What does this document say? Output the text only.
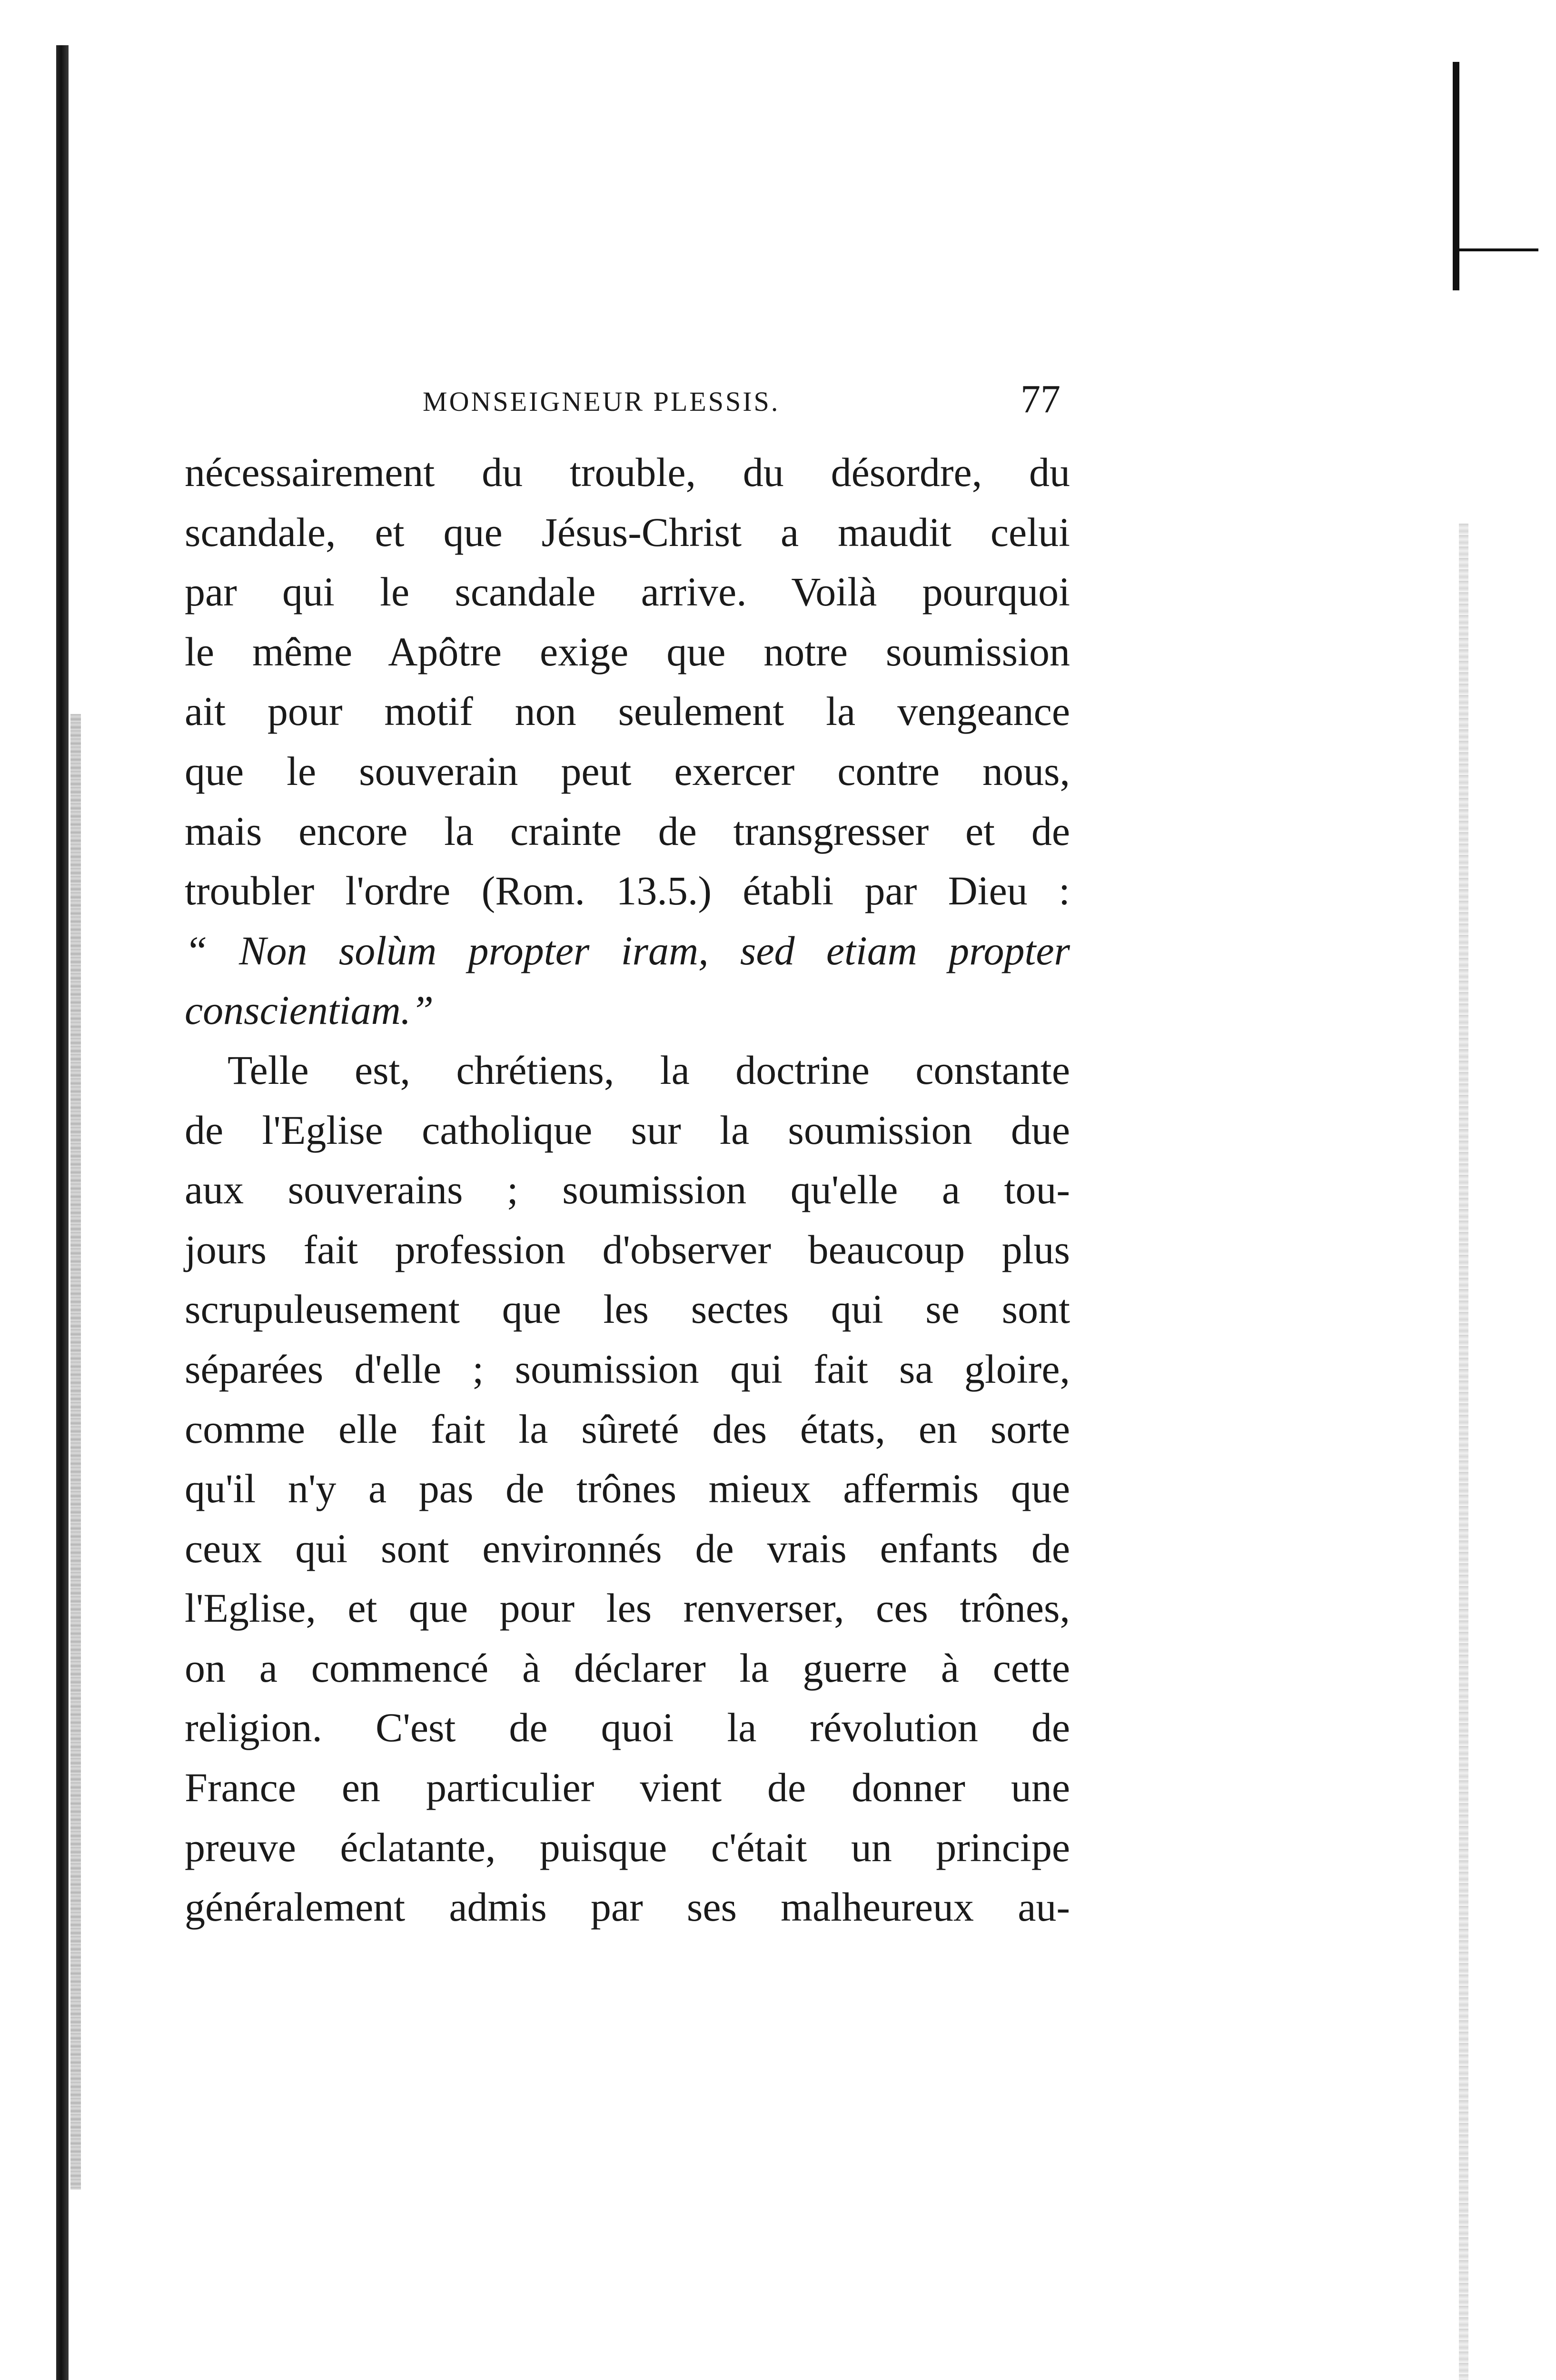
MONSEIGNEUR PLESSIS.	77
nécessairement du trouble, du désordre, du
scandale, et que Jésus-Christ a maudit celui
par qui le scandale arrive. Voilà pourquoi
le même Apôtre exige que notre soumission
ait pour motif non seulement la vengeance
que le souverain peut exercer contre nous,
mais encore la crainte de transgresser et de
troubler l'ordre (Rom. 13.5.) établi par Dieu :
“ Non solùm propter iram, sed etiam propter
conscientiam.”
Telle est, chrétiens, la doctrine constante
de l'Eglise catholique sur la soumission due
aux souverains ; soumission qu'elle a tou-
jours fait profession d'observer beaucoup plus
scrupuleusement que les sectes qui se sont
séparées d'elle ; soumission qui fait sa gloire,
comme elle fait la sûreté des états, en sorte
qu'il n'y a pas de trônes mieux affermis que
ceux qui sont environnés de vrais enfants de
l'Eglise, et que pour les renverser, ces trônes,
on a commencé à déclarer la guerre à cette
religion. C'est de quoi la révolution de
France en particulier vient de donner une
preuve éclatante, puisque c'était un principe
généralement admis par ses malheureux au-
